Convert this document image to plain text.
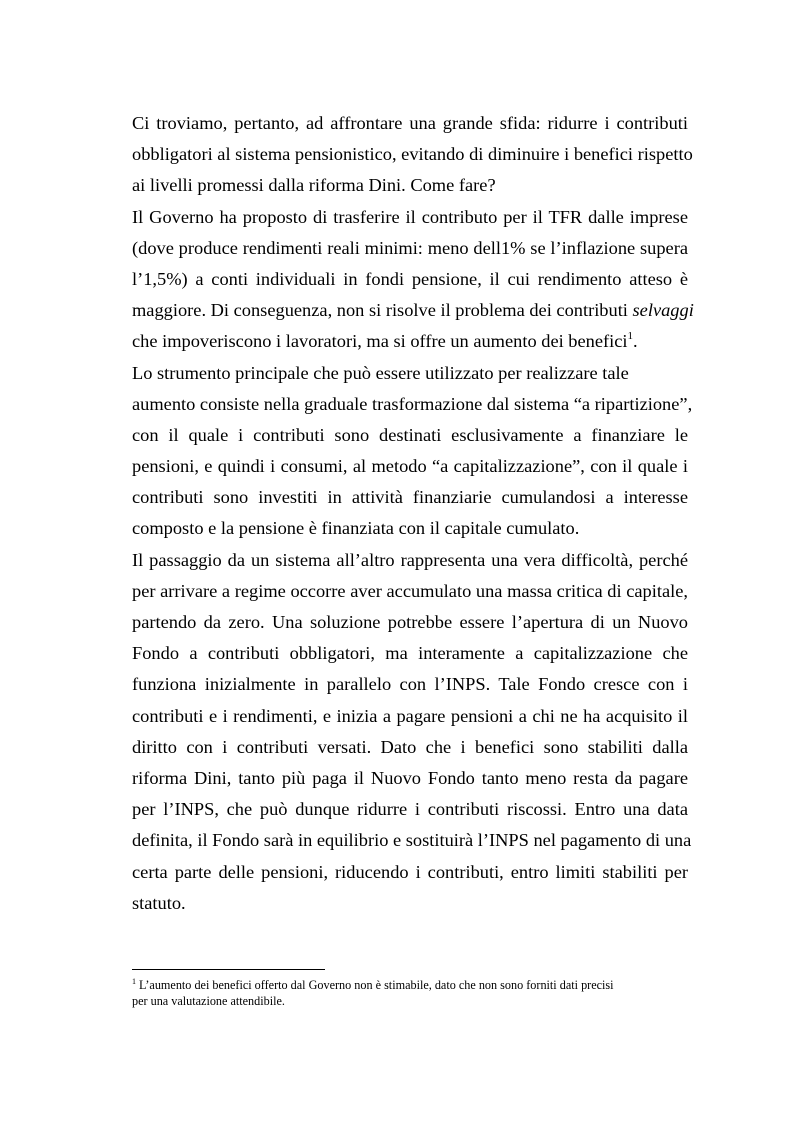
Ci troviamo, pertanto, ad affrontare una grande sfida: ridurre i contributi
obbligatori al sistema pensionistico, evitando di diminuire i benefici rispetto
ai livelli promessi dalla riforma Dini. Come fare?
Il Governo ha proposto di trasferire il contributo per il TFR dalle imprese
(dove produce rendimenti reali minimi: meno dell1% se l’inflazione supera
l’1,5%) a conti individuali in fondi pensione, il cui rendimento atteso è
maggiore. Di conseguenza, non si risolve il problema dei contributi selvaggi
che impoveriscono i lavoratori, ma si offre un aumento dei benefici$^1$.
Lo strumento principale che può essere utilizzato per realizzare tale
aumento consiste nella graduale trasformazione dal sistema “a ripartizione”,
con il quale i contributi sono destinati esclusivamente a finanziare le
pensioni, e quindi i consumi, al metodo “a capitalizzazione”, con il quale i
contributi sono investiti in attività finanziarie cumulandosi a interesse
composto e la pensione è finanziata con il capitale cumulato.
Il passaggio da un sistema all’altro rappresenta una vera difficoltà, perché
per arrivare a regime occorre aver accumulato una massa critica di capitale,
partendo da zero. Una soluzione potrebbe essere l’apertura di un Nuovo
Fondo a contributi obbligatori, ma interamente a capitalizzazione che
funziona inizialmente in parallelo con l’INPS. Tale Fondo cresce con i
contributi e i rendimenti, e inizia a pagare pensioni a chi ne ha acquisito il
diritto con i contributi versati. Dato che i benefici sono stabiliti dalla
riforma Dini, tanto più paga il Nuovo Fondo tanto meno resta da pagare
per l’INPS, che può dunque ridurre i contributi riscossi. Entro una data
definita, il Fondo sarà in equilibrio e sostituirà l’INPS nel pagamento di una
certa parte delle pensioni, riducendo i contributi, entro limiti stabiliti per
statuto.
$^1$ L’aumento dei benefici offerto dal Governo non è stimabile, dato che non sono forniti dati precisi
per una valutazione attendibile.
